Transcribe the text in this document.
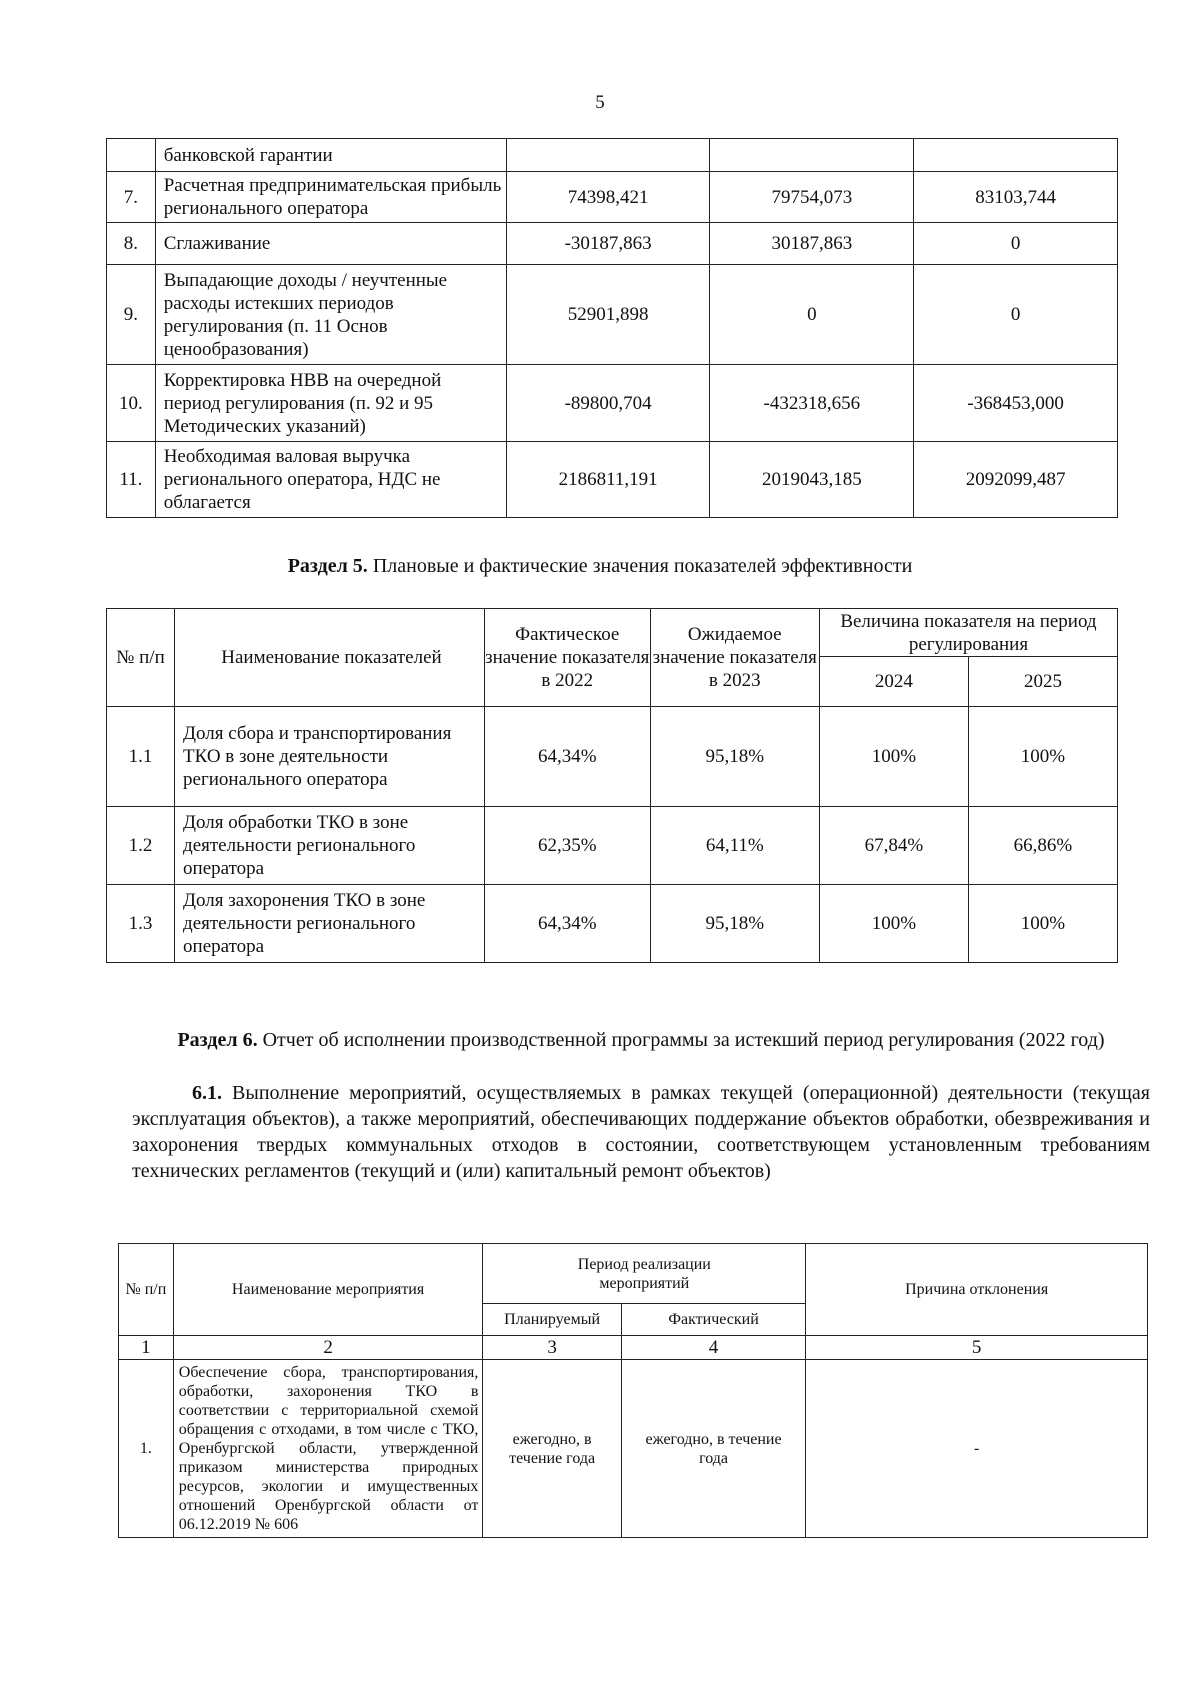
5
	банковской гарантии			
7.	Расчетная предпринимательская прибыль регионального оператора	74398,421	79754,073	83103,744
8.	Сглаживание	-30187,863	30187,863	0
9.	Выпадающие доходы / неучтенные расходы истекших периодов регулирования (п. 11 Основ ценообразования)	52901,898	0	0
10.	Корректировка НВВ на очередной период регулирования (п. 92 и 95 Методических указаний)	-89800,704	-432318,656	-368453,000
11.	Необходимая валовая выручка регионального оператора, НДС не облагается	2186811,191	2019043,185	2092099,487
Раздел 5. Плановые и фактические значения показателей эффективности
№ п/п	Наименование показателей	Фактическое значение показателя в 2022	Ожидаемое значение показателя в 2023	Величина показателя на период регулирования	
				2024	2025
1.1	Доля сбора и транспортирования ТКО в зоне деятельности регионального оператора	64,34%	95,18%	100%	100%
1.2	Доля обработки ТКО в зоне деятельности регионального оператора	62,35%	64,11%	67,84%	66,86%
1.3	Доля захоронения ТКО в зоне деятельности регионального оператора	64,34%	95,18%	100%	100%
Раздел 6. Отчет об исполнении производственной программы за истекший период регулирования (2022 год)
6.1. Выполнение мероприятий, осуществляемых в рамках текущей (операционной) деятельности (текущая эксплуатация объектов), а также мероприятий, обеспечивающих поддержание объектов обработки, обезвреживания и захоронения твердых коммунальных отходов в состоянии, соответствующем установленным требованиям технических регламентов (текущий и (или) капитальный ремонт объектов)
№ п/п	Наименование мероприятия	Период реализации мероприятий		Причина отклонения
		Планируемый	Фактический	
1	2	3	4	5
1.	Обеспечение сбора, транспортирования, обработки, захоронения ТКО в соответствии с территориальной схемой обращения с отходами, в том числе с ТКО, Оренбургской области, утвержденной приказом министерства природных ресурсов, экологии и имущественных отношений Оренбургской области от 06.12.2019 № 606	ежегодно, в течение года	ежегодно, в течение года	-
